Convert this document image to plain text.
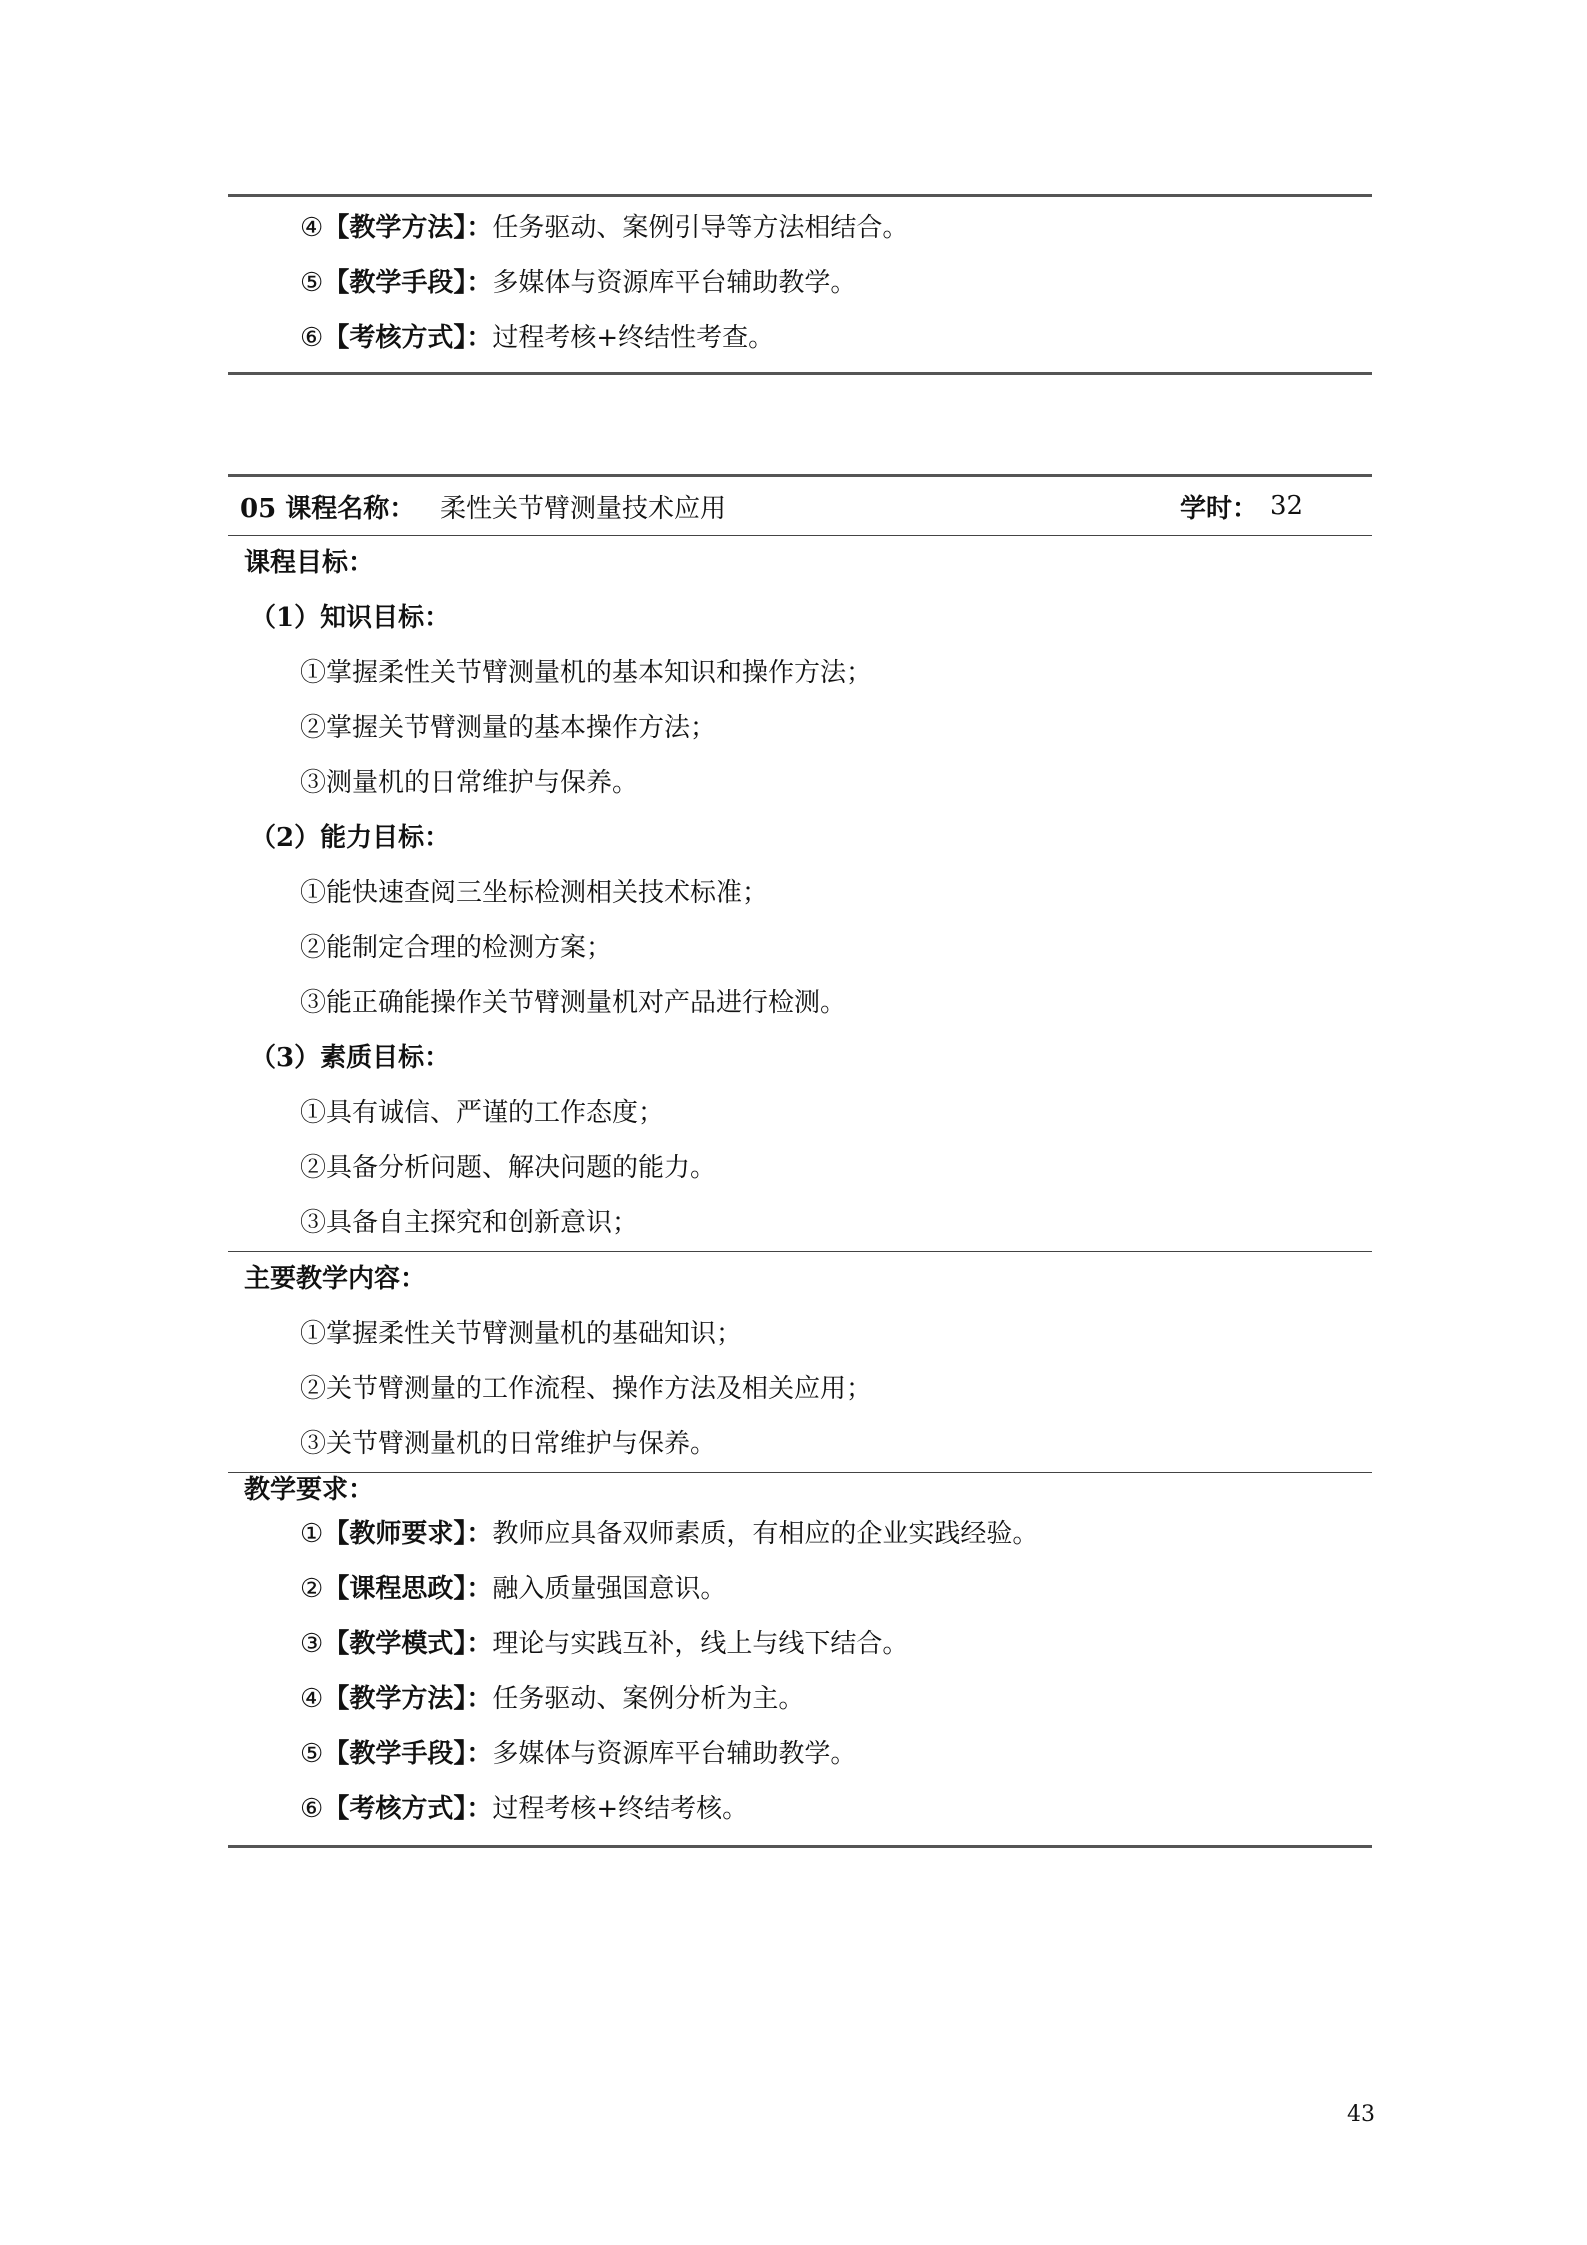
④【教学方法】：任务驱动、案例引导等方法相结合。
⑤【教学手段】：多媒体与资源库平台辅助教学。
⑥【考核方式】：过程考核+终结性考查。
05 课程名称： 柔性关节臂测量技术应用	学时： 32
课程目标：
（1）知识目标：
①掌握柔性关节臂测量机的基本知识和操作方法；
②掌握关节臂测量的基本操作方法；
③测量机的日常维护与保养。
（2）能力目标：
①能快速查阅三坐标检测相关技术标准；
②能制定合理的检测方案；
③能正确能操作关节臂测量机对产品进行检测。
（3）素质目标：
①具有诚信、严谨的工作态度；
②具备分析问题、解决问题的能力。
③具备自主探究和创新意识；
主要教学内容：
①掌握柔性关节臂测量机的基础知识；
②关节臂测量的工作流程、操作方法及相关应用；
③关节臂测量机的日常维护与保养。
教学要求：
①【教师要求】：教师应具备双师素质，有相应的企业实践经验。
②【课程思政】：融入质量强国意识。
③【教学模式】：理论与实践互补，线上与线下结合。
④【教学方法】：任务驱动、案例分析为主。
⑤【教学手段】：多媒体与资源库平台辅助教学。
⑥【考核方式】：过程考核+终结考核。
43
